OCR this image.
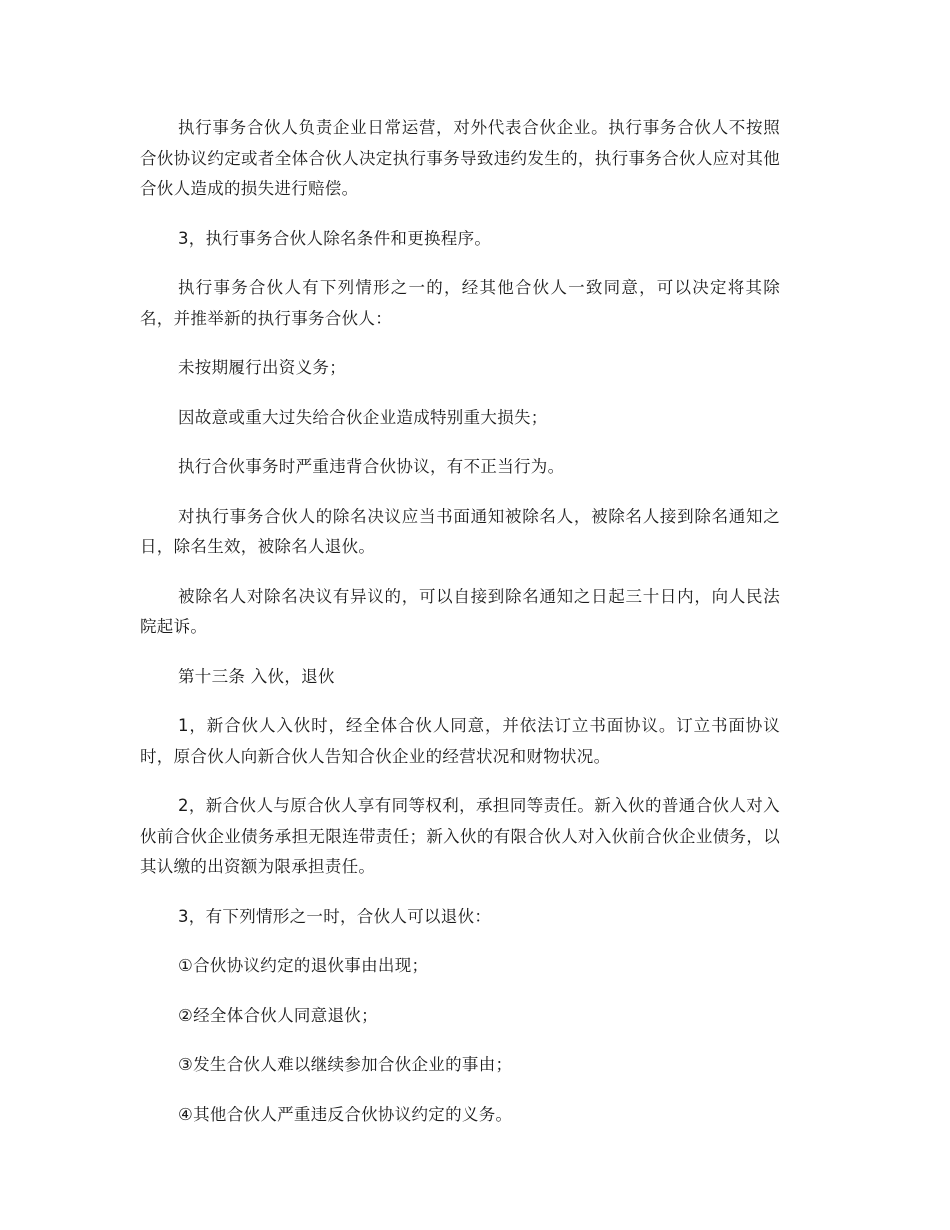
执行事务合伙人负责企业日常运营，对外代表合伙企业。执行事务合伙人不按照合伙协议约定或者全体合伙人决定执行事务导致违约发生的，执行事务合伙人应对其他合伙人造成的损失进行赔偿。

3，执行事务合伙人除名条件和更换程序。

执行事务合伙人有下列情形之一的，经其他合伙人一致同意，可以决定将其除名，并推举新的执行事务合伙人：

未按期履行出资义务；

因故意或重大过失给合伙企业造成特别重大损失；

执行合伙事务时严重违背合伙协议，有不正当行为。

对执行事务合伙人的除名决议应当书面通知被除名人，被除名人接到除名通知之日，除名生效，被除名人退伙。

被除名人对除名决议有异议的，可以自接到除名通知之日起三十日内，向人民法院起诉。

第十三条 入伙，退伙

1，新合伙人入伙时，经全体合伙人同意，并依法订立书面协议。订立书面协议时，原合伙人向新合伙人告知合伙企业的经营状况和财物状况。

2，新合伙人与原合伙人享有同等权利，承担同等责任。新入伙的普通合伙人对入伙前合伙企业债务承担无限连带责任；新入伙的有限合伙人对入伙前合伙企业债务，以其认缴的出资额为限承担责任。

3，有下列情形之一时，合伙人可以退伙：

①合伙协议约定的退伙事由出现；

②经全体合伙人同意退伙；

③发生合伙人难以继续参加合伙企业的事由；

④其他合伙人严重违反合伙协议约定的义务。
